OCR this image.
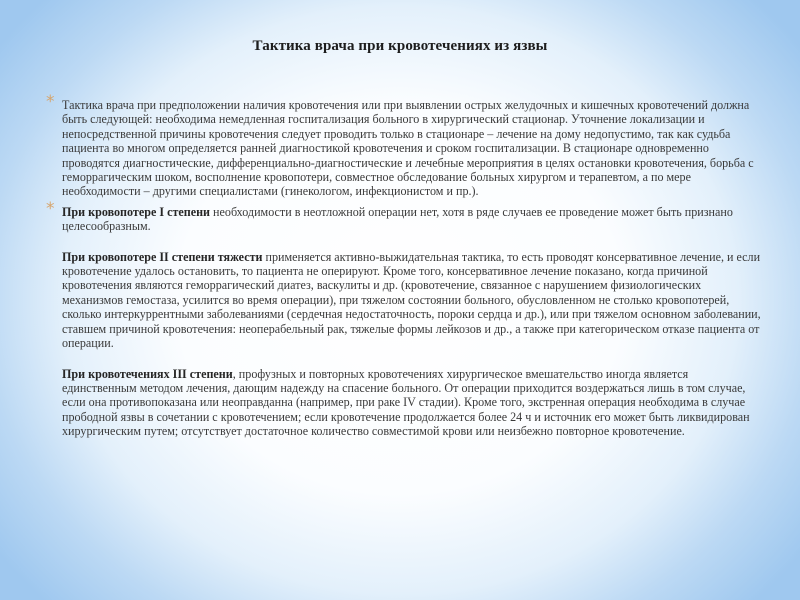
Тактика врача при кровотечениях из язвы
* Тактика врача при предположении наличия кровотечения или при выявлении острых желудочных и кишечных кровотечений должна быть следующей: необходима немедленная госпитализация больного в хирургический стационар. Уточнение локализации и непосредственной причины кровотечения следует проводить только в стационаре – лечение на дому недопустимо, так как судьба пациента во многом определяется ранней диагностикой кровотечения и сроком госпитализации. В стационаре одновременно проводятся диагностические, дифференциально-диагностические и лечебные мероприятия в целях остановки кровотечения, борьба с геморрагическим шоком, восполнение кровопотери, совместное обследование больных хирургом и терапевтом, а по мере необходимости – другими специалистами (гинекологом, инфекционистом и пр.).

* При кровопотере I степени необходимости в неотложной операции нет, хотя в ряде случаев ее проведение может быть признано целесообразным.

При кровопотере II степени тяжести применяется активно-выжидательная тактика, то есть проводят консервативное лечение, и если кровотечение удалось остановить, то пациента не оперируют. Кроме того, консервативное лечение показано, когда причиной кровотечения являются геморрагический диатез, васкулиты и др. (кровотечение, связанное с нарушением физиологических механизмов гемостаза, усилится во время операции), при тяжелом состоянии больного, обусловленном не столько кровопотерей, сколько интеркуррентными заболеваниями (сердечная недостаточность, пороки сердца и др.), или при тяжелом основном заболевании, ставшем причиной кровотечения: неоперабельный рак, тяжелые формы лейкозов и др., а также при категорическом отказе пациента от операции.

При кровотечениях III степени, профузных и повторных кровотечениях хирургическое вмешательство иногда является единственным методом лечения, дающим надежду на спасение больного. От операции приходится воздержаться лишь в том случае, если она противопоказана или неоправданна (например, при раке IV стадии). Кроме того, экстренная операция необходима в случае прободной язвы в сочетании с кровотечением; если кровотечение продолжается более 24 ч и источник его может быть ликвидирован хирургическим путем; отсутствует достаточное количество совместимой крови или неизбежно повторное кровотечение.
